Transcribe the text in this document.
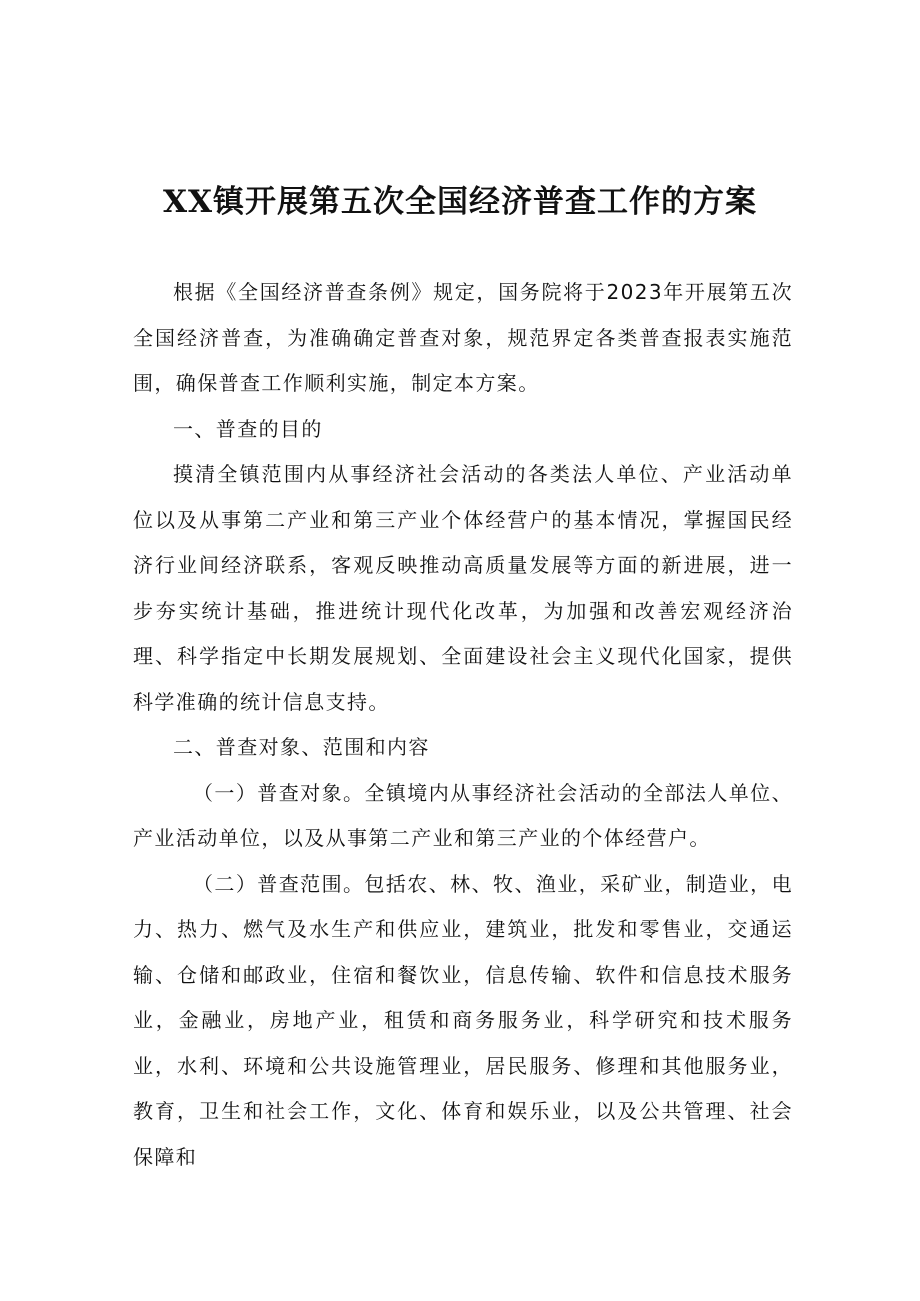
XX镇开展第五次全国经济普查工作的方案

根据《全国经济普查条例》规定，国务院将于2023年开展第五次全国经济普查，为准确确定普查对象，规范界定各类普查报表实施范围，确保普查工作顺利实施，制定本方案。

一、普查的目的

摸清全镇范围内从事经济社会活动的各类法人单位、产业活动单位以及从事第二产业和第三产业个体经营户的基本情况，掌握国民经济行业间经济联系，客观反映推动高质量发展等方面的新进展，进一步夯实统计基础，推进统计现代化改革，为加强和改善宏观经济治理、科学指定中长期发展规划、全面建设社会主义现代化国家，提供科学准确的统计信息支持。

二、普查对象、范围和内容

（一）普查对象。全镇境内从事经济社会活动的全部法人单位、产业活动单位，以及从事第二产业和第三产业的个体经营户。

（二）普查范围。包括农、林、牧、渔业，采矿业，制造业，电力、热力、燃气及水生产和供应业，建筑业，批发和零售业，交通运输、仓储和邮政业，住宿和餐饮业，信息传输、软件和信息技术服务业，金融业，房地产业，租赁和商务服务业，科学研究和技术服务业，水利、环境和公共设施管理业，居民服务、修理和其他服务业，教育，卫生和社会工作，文化、体育和娱乐业，以及公共管理、社会保障和
